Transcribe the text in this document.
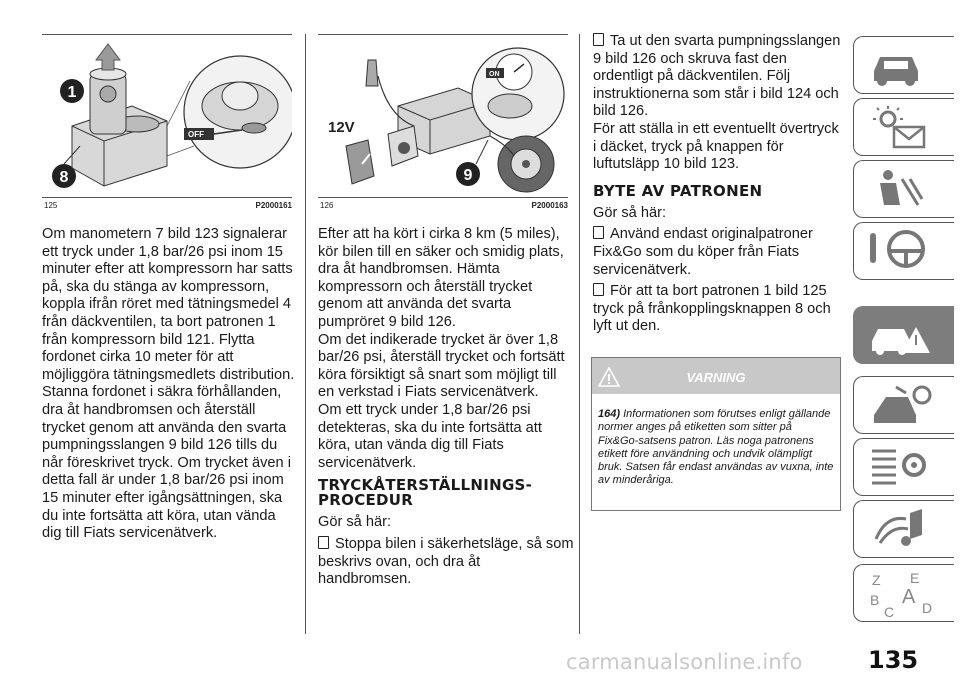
OFF
1
8
125	P2000161
ON
12V
9
126	P2000163

Om manometern 7 bild 123 signalerar ett tryck under 1,8 bar/26 psi inom 15 minuter efter att kompressorn har satts på, ska du stänga av kompressorn, koppla ifrån röret med tätningsmedel 4 från däckventilen, ta bort patronen 1 från kompressorn bild 121. Flytta fordonet cirka 10 meter för att möjliggöra tätningsmedlets distribution. Stanna fordonet i säkra förhållanden, dra åt handbromsen och återställ trycket genom att använda den svarta pumpningsslangen 9 bild 126 tills du når föreskrivet tryck. Om trycket även i detta fall är under 1,8 bar/26 psi inom 15 minuter efter igångsättningen, ska du inte fortsätta att köra, utan vända dig till Fiats servicenätverk.

Efter att ha kört i cirka 8 km (5 miles), kör bilen till en säker och smidig plats, dra åt handbromsen. Hämta kompressorn och återställ trycket genom att använda det svarta pumpröret 9 bild 126.

Om det indikerade trycket är över 1,8 bar/26 psi, återställ trycket och fortsätt köra försiktigt så snart som möjligt till en verkstad i Fiats servicenätverk.

Om ett tryck under 1,8 bar/26 psi detekteras, ska du inte fortsätta att köra, utan vända dig till Fiats servicenätverk.

TRYCKÅTERSTÄLLNINGS-PROCEDUR

Gör så här:

Stoppa bilen i säkerhetsläge, så som beskrivs ovan, och dra åt handbromsen.

Ta ut den svarta pumpningsslangen 9 bild 126 och skruva fast den ordentligt på däckventilen. Följ instruktionerna som står i bild 124 och bild 126.

För att ställa in ett eventuellt övertryck i däcket, tryck på knappen för luftutsläpp 10 bild 123.

BYTE AV PATRONEN

Gör så här:

Använd endast originalpatroner Fix&Go som du köper från Fiats servicenätverk.

För att ta bort patronen 1 bild 125 tryck på frånkopplingsknappen 8 och lyft ut den.

VARNING
164) Informationen som förutses enligt gällande normer anges på etiketten som sitter på Fix&Go-satsens patron. Läs noga patronens etikett före användning och undvik olämpligt bruk. Satsen får endast användas av vuxna, inte av minderåriga.
Z E
B A
C D
135
carmanualsonline.info
